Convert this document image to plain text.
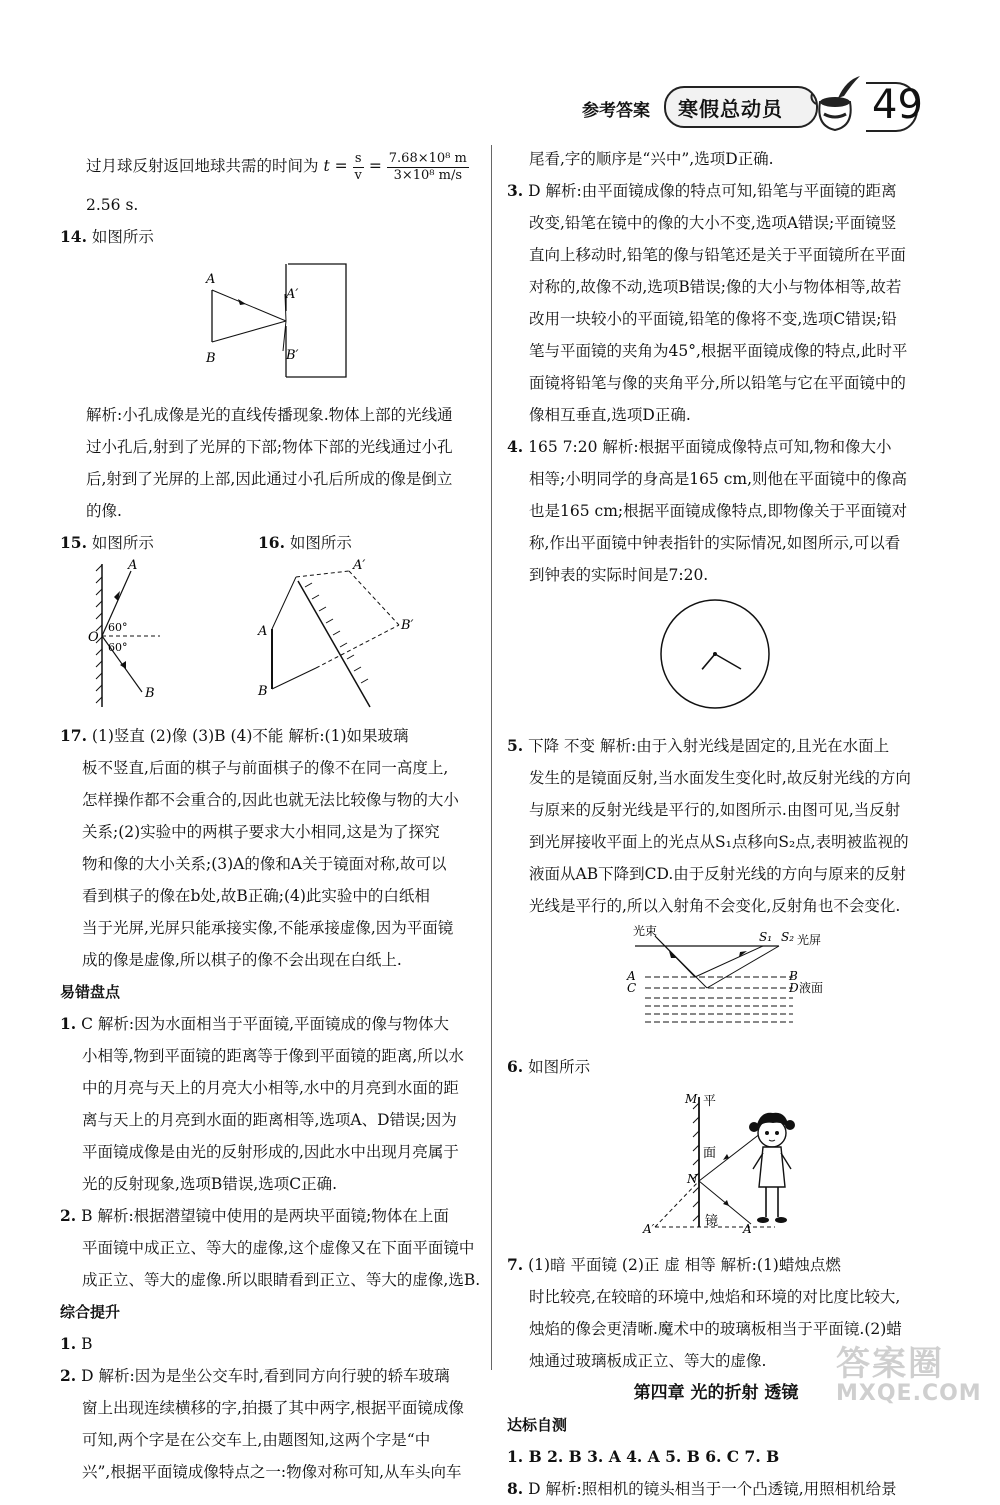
参考答案 寒假总动员 49
过月球反射返回地球共需的时间为 $t = \frac{s}{v} = \frac{\text{7.68×10⁸ m}}{\text{3×10⁸ m/s}}$
2.56 s.
14. 如图所示
A
B
A′
B′
解析:小孔成像是光的直线传播现象.物体上部的光线通
过小孔后,射到了光屏的下部;物体下部的光线通过小孔
后,射到了光屏的上部,因此通过小孔后所成的像是倒立
的像.
15. 如图所示	16. 如图所示
A
O
60°
60°
B
A′
A	B′
B
17. (1)竖直 (2)像 (3)B (4)不能 解析:(1)如果玻璃
板不竖直,后面的棋子与前面棋子的像不在同一高度上,
怎样操作都不会重合的,因此也就无法比较像与物的大小
关系;(2)实验中的两棋子要求大小相同,这是为了探究
物和像的大小关系;(3)A的像和A关于镜面对称,故可以
看到棋子的像在b处,故B正确;(4)此实验中的白纸相
当于光屏,光屏只能承接实像,不能承接虚像,因为平面镜
成的像是虚像,所以棋子的像不会出现在白纸上.
易错盘点
1. C 解析:因为水面相当于平面镜,平面镜成的像与物体大
小相等,物到平面镜的距离等于像到平面镜的距离,所以水
中的月亮与天上的月亮大小相等,水中的月亮到水面的距
离与天上的月亮到水面的距离相等,选项A、D错误;因为
平面镜成像是由光的反射形成的,因此水中出现月亮属于
光的反射现象,选项B错误,选项C正确.
2. B 解析:根据潜望镜中使用的是两块平面镜;物体在上面
平面镜中成正立、等大的虚像,这个虚像又在下面平面镜中
成正立、等大的虚像.所以眼睛看到正立、等大的虚像,选B.
综合提升
1. B
2. D 解析:因为是坐公交车时,看到同方向行驶的轿车玻璃
窗上出现连续横移的字,拍摄了其中两字,根据平面镜成像
可知,两个字是在公交车上,由题图知,这两个字是“中
兴”,根据平面镜成像特点之一:物像对称可知,从车头向车
尾看,字的顺序是“兴中”,选项D正确.
3. D 解析:由平面镜成像的特点可知,铅笔与平面镜的距离
改变,铅笔在镜中的像的大小不变,选项A错误;平面镜竖
直向上移动时,铅笔的像与铅笔还是关于平面镜所在平面
对称的,故像不动,选项B错误;像的大小与物体相等,故若
改用一块较小的平面镜,铅笔的像将不变,选项C错误;铅
笔与平面镜的夹角为45°,根据平面镜成像的特点,此时平
面镜将铅笔与像的夹角平分,所以铅笔与它在平面镜中的
像相互垂直,选项D正确.
4. 165 7:20 解析:根据平面镜成像特点可知,物和像大小
相等;小明同学的身高是165 cm,则他在平面镜中的像高
也是165 cm;根据平面镜成像特点,即物像关于平面镜对
称,作出平面镜中钟表指针的实际情况,如图所示,可以看
到钟表的实际时间是7:20.
5. 下降 不变 解析:由于入射光线是固定的,且光在水面上
发生的是镜面反射,当水面发生变化时,故反射光线的方向
与原来的反射光线是平行的,如图所示.由图可见,当反射
到光屏接收平面上的光点从S₁点移向S₂点,表明被监视的
液面从AB下降到CD.由于反射光线的方向与原来的反射
光线是平行的,所以入射角不会变化,反射角也不会变化.
光束	S₁ S₂ 光屏
A
C
B
D 液面
6. 如图所示
M
N
A′
平
面
镜 A
7. (1)暗 平面镜 (2)正 虚 相等 解析:(1)蜡烛点燃
时比较亮,在较暗的环境中,烛焰和环境的对比度比较大,
烛焰的像会更清晰.魔术中的玻璃板相当于平面镜.(2)蜡
烛通过玻璃板成正立、等大的虚像.
第四章 光的折射 透镜
达标自测
1. B 2. B 3. A 4. A 5. B 6. C 7. B
8. D 解析:照相机的镜头相当于一个凸透镜,用照相机给景
答案圈
MXQE.COM
